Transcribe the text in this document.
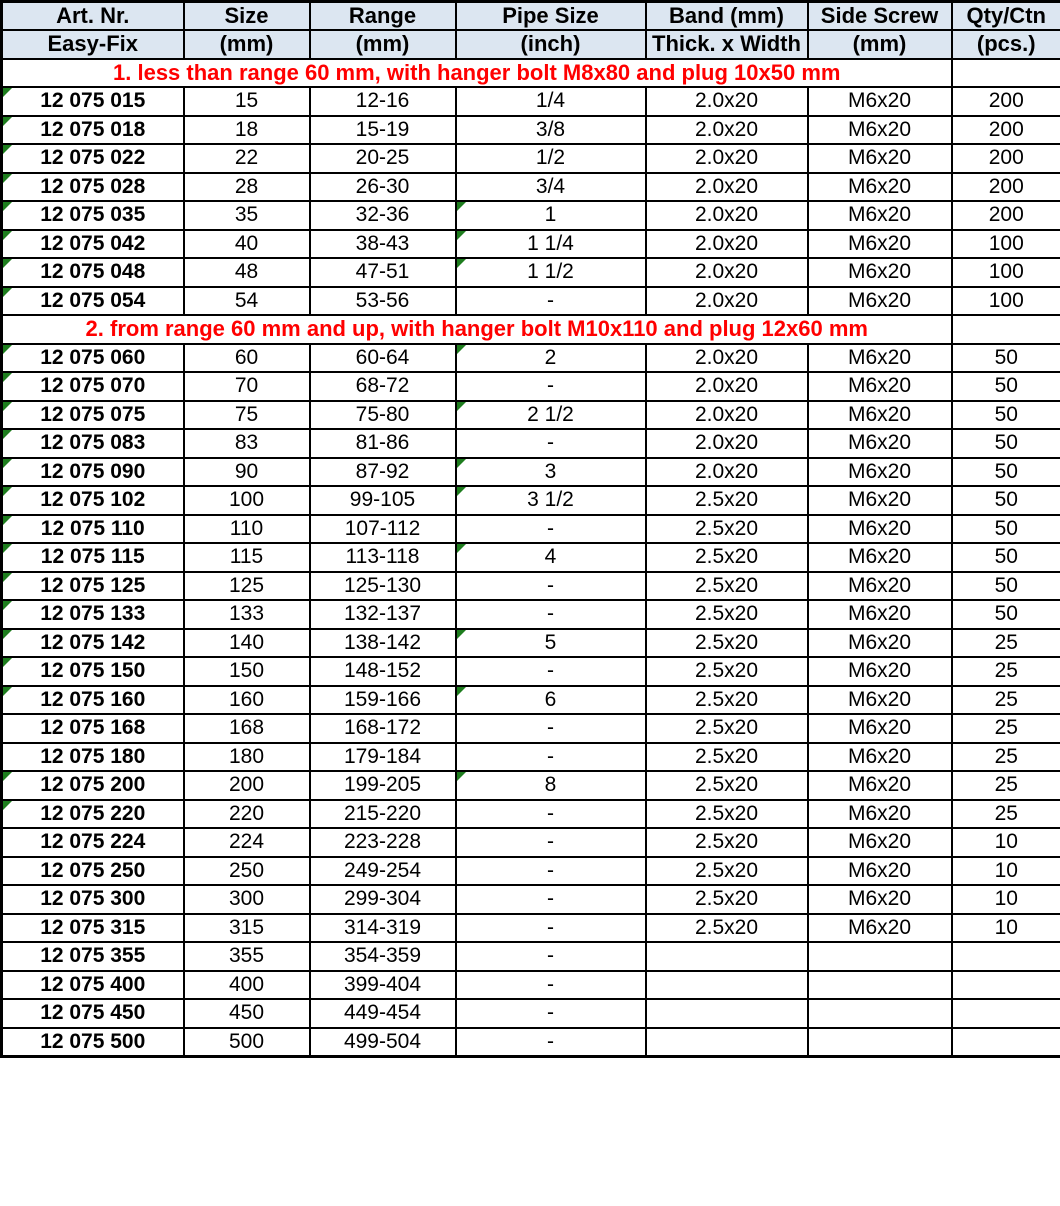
Art. Nr.	Size	Range	Pipe Size	Band (mm)	Side Screw	Qty/Ctn
Easy-Fix	(mm)	(mm)	(inch)	Thick. x Width	(mm)	(pcs.)
1. less than range 60 mm, with hanger bolt M8x80 and plug 10x50 mm						
12 075 015	15	12-16	1/4	2.0x20	M6x20	200
12 075 018	18	15-19	3/8	2.0x20	M6x20	200
12 075 022	22	20-25	1/2	2.0x20	M6x20	200
12 075 028	28	26-30	3/4	2.0x20	M6x20	200
12 075 035	35	32-36	1	2.0x20	M6x20	200
12 075 042	40	38-43	1 1/4	2.0x20	M6x20	100
12 075 048	48	47-51	1 1/2	2.0x20	M6x20	100
12 075 054	54	53-56	-	2.0x20	M6x20	100
2. from range 60 mm and up, with hanger bolt M10x110 and plug 12x60 mm						
12 075 060	60	60-64	2	2.0x20	M6x20	50
12 075 070	70	68-72	-	2.0x20	M6x20	50
12 075 075	75	75-80	2 1/2	2.0x20	M6x20	50
12 075 083	83	81-86	-	2.0x20	M6x20	50
12 075 090	90	87-92	3	2.0x20	M6x20	50
12 075 102	100	99-105	3 1/2	2.5x20	M6x20	50
12 075 110	110	107-112	-	2.5x20	M6x20	50
12 075 115	115	113-118	4	2.5x20	M6x20	50
12 075 125	125	125-130	-	2.5x20	M6x20	50
12 075 133	133	132-137	-	2.5x20	M6x20	50
12 075 142	140	138-142	5	2.5x20	M6x20	25
12 075 150	150	148-152	-	2.5x20	M6x20	25
12 075 160	160	159-166	6	2.5x20	M6x20	25
12 075 168	168	168-172	-	2.5x20	M6x20	25
12 075 180	180	179-184	-	2.5x20	M6x20	25
12 075 200	200	199-205	8	2.5x20	M6x20	25
12 075 220	220	215-220	-	2.5x20	M6x20	25
12 075 224	224	223-228	-	2.5x20	M6x20	10
12 075 250	250	249-254	-	2.5x20	M6x20	10
12 075 300	300	299-304	-	2.5x20	M6x20	10
12 075 315	315	314-319	-	2.5x20	M6x20	10
12 075 355	355	354-359	-			
12 075 400	400	399-404	-			
12 075 450	450	449-454	-			
12 075 500	500	499-504	-			
